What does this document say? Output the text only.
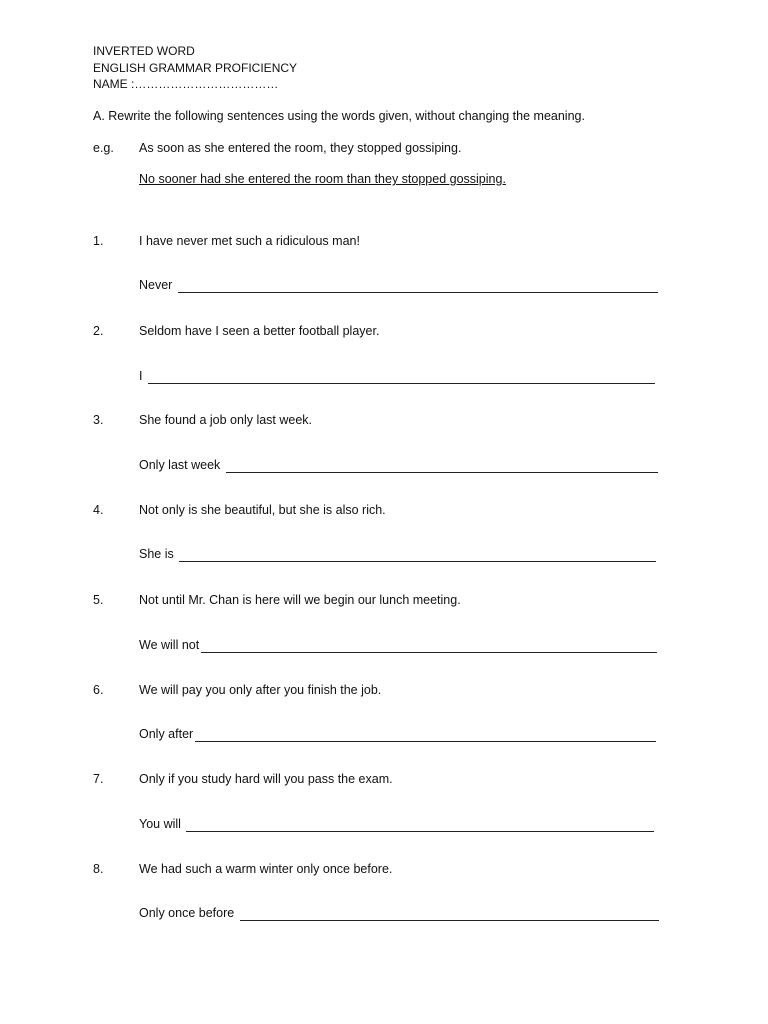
INVERTED WORD
ENGLISH GRAMMAR PROFICIENCY
NAME :………………………………
A. Rewrite the following sentences using the words given, without changing the meaning.
e.g. As soon as she entered the room, they stopped gossiping.
No sooner had she entered the room than they stopped gossiping.
1.	I have never met such a ridiculous man!
Never
2.	Seldom have I seen a better football player.
I
3.	She found a job only last week.
Only last week
4.	Not only is she beautiful, but she is also rich.
She is
5.	Not until Mr. Chan is here will we begin our lunch meeting.
We will not
6.	We will pay you only after you finish the job.
Only after
7.	Only if you study hard will you pass the exam.
You will
8.	We had such a warm winter only once before.
Only once before
